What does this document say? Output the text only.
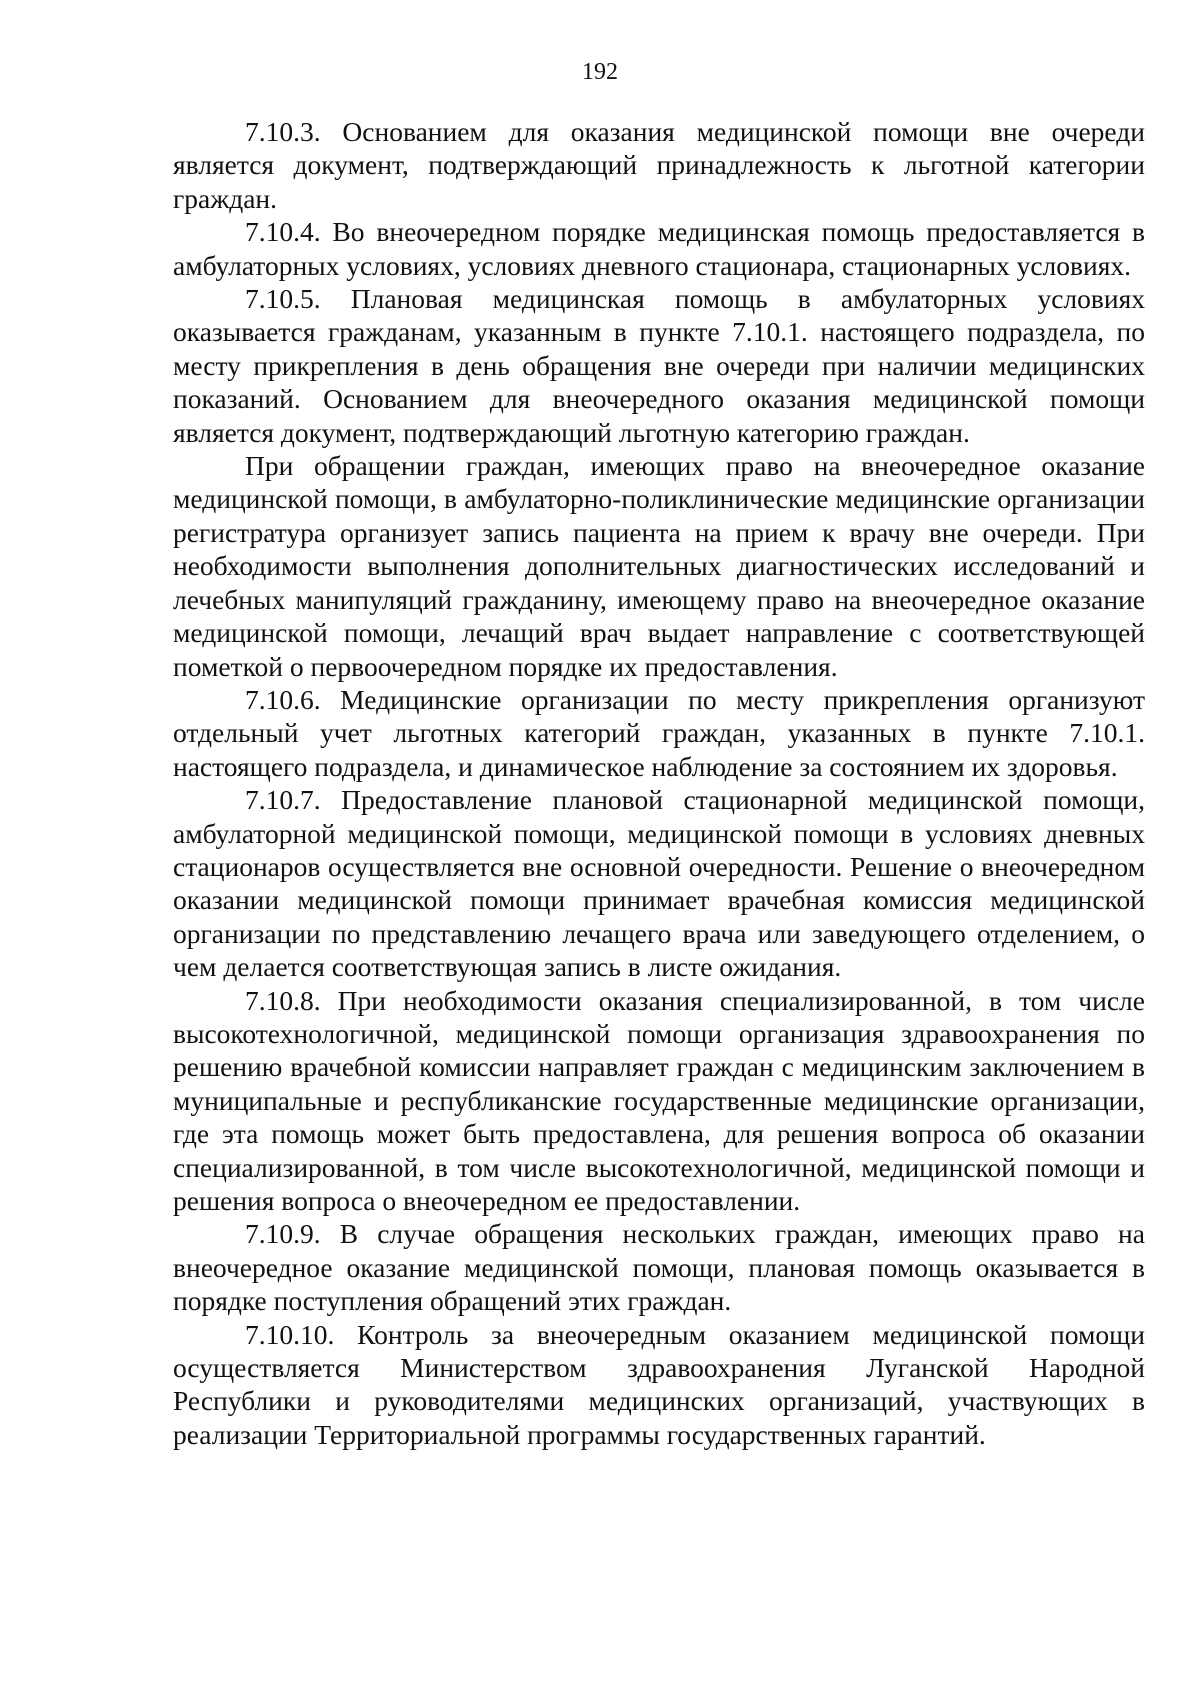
192

7.10.3. Основанием для оказания медицинской помощи вне очереди является документ, подтверждающий принадлежность к льготной категории граждан.

7.10.4. Во внеочередном порядке медицинская помощь предоставляется в амбулаторных условиях, условиях дневного стационара, стационарных условиях.

7.10.5. Плановая медицинская помощь в амбулаторных условиях оказывается гражданам, указанным в пункте 7.10.1. настоящего подраздела, по месту прикрепления в день обращения вне очереди при наличии медицинских показаний. Основанием для внеочередного оказания медицинской помощи является документ, подтверждающий льготную категорию граждан.

При обращении граждан, имеющих право на внеочередное оказание медицинской помощи, в амбулаторно-поликлинические медицинские организации регистратура организует запись пациента на прием к врачу вне очереди. При необходимости выполнения дополнительных диагностических исследований и лечебных манипуляций гражданину, имеющему право на внеочередное оказание медицинской помощи, лечащий врач выдает направление с соответствующей пометкой о первоочередном порядке их предоставления.

7.10.6. Медицинские организации по месту прикрепления организуют отдельный учет льготных категорий граждан, указанных в пункте 7.10.1. настоящего подраздела, и динамическое наблюдение за состоянием их здоровья.

7.10.7. Предоставление плановой стационарной медицинской помощи, амбулаторной медицинской помощи, медицинской помощи в условиях дневных стационаров осуществляется вне основной очередности. Решение о внеочередном оказании медицинской помощи принимает врачебная комиссия медицинской организации по представлению лечащего врача или заведующего отделением, о чем делается соответствующая запись в листе ожидания.

7.10.8. При необходимости оказания специализированной, в том числе высокотехнологичной, медицинской помощи организация здравоохранения по решению врачебной комиссии направляет граждан с медицинским заключением в муниципальные и республиканские государственные медицинские организации, где эта помощь может быть предоставлена, для решения вопроса об оказании специализированной, в том числе высокотехнологичной, медицинской помощи и решения вопроса о внеочередном ее предоставлении.

7.10.9. В случае обращения нескольких граждан, имеющих право на внеочередное оказание медицинской помощи, плановая помощь оказывается в порядке поступления обращений этих граждан.

7.10.10. Контроль за внеочередным оказанием медицинской помощи осуществляется Министерством здравоохранения Луганской Народной Республики и руководителями медицинских организаций, участвующих в реализации Территориальной программы государственных гарантий.
